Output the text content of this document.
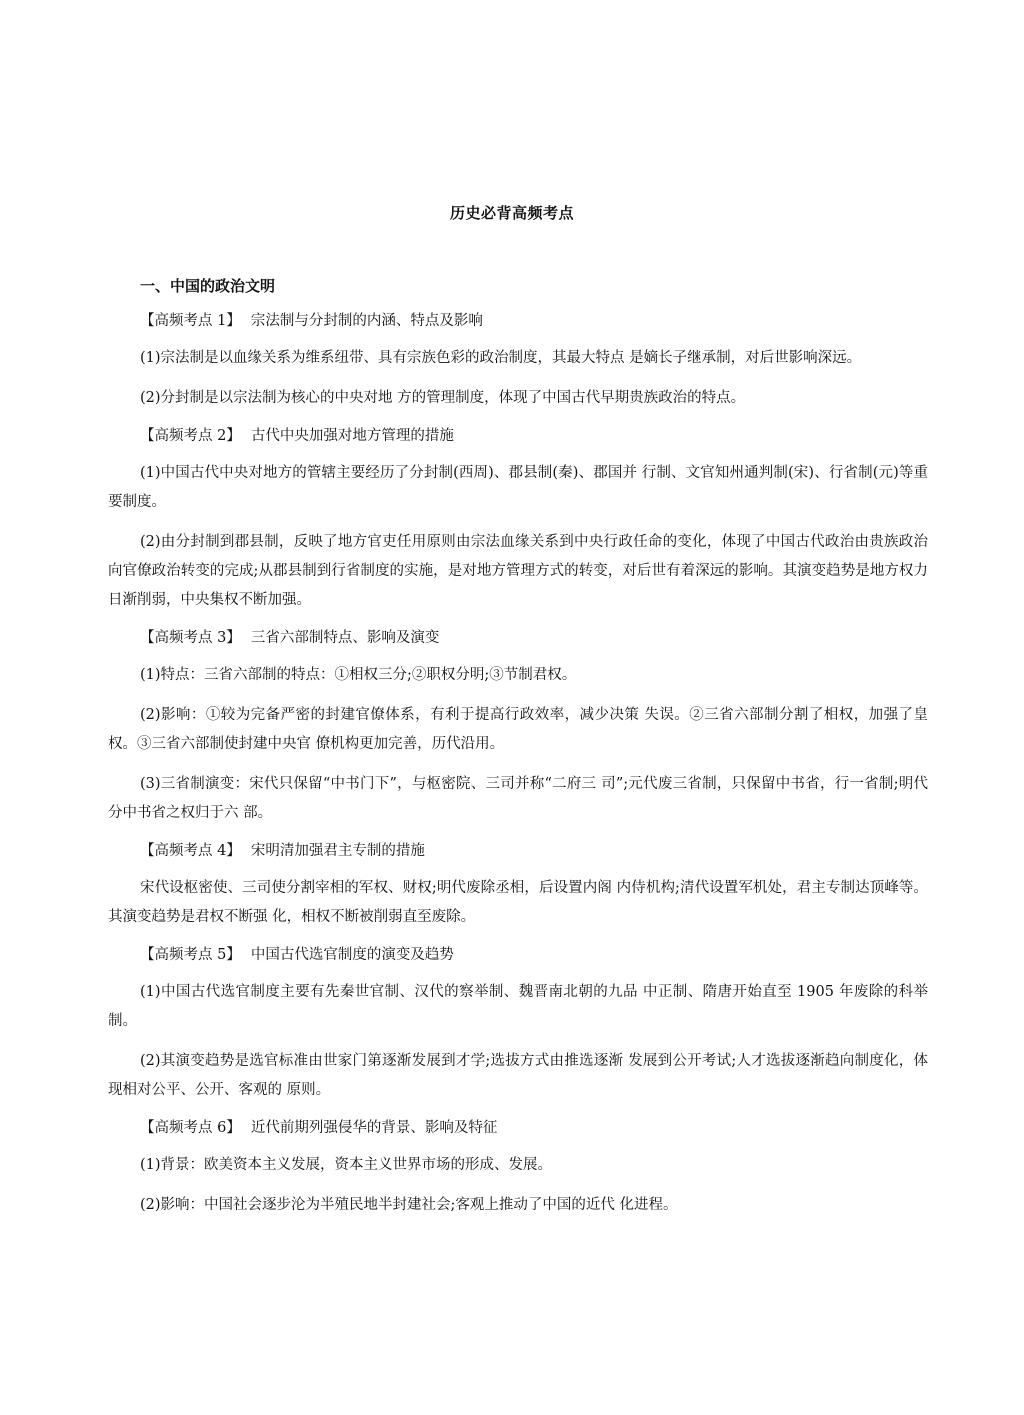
历史必背高频考点
一、中国的政治文明

【高频考点 1】 宗法制与分封制的内涵、特点及影响

(1)宗法制是以血缘关系为维系纽带、具有宗族色彩的政治制度，其最大特点 是嫡长子继承制，对后世影响深远。

(2)分封制是以宗法制为核心的中央对地 方的管理制度，体现了中国古代早期贵族政治的特点。

【高频考点 2】 古代中央加强对地方管理的措施

(1)中国古代中央对地方的管辖主要经历了分封制(西周)、郡县制(秦)、郡国并 行制、文官知州通判制(宋)、行省制(元)等重要制度。

(2)由分封制到郡县制，反映了地方官吏任用原则由宗法血缘关系到中央行政任命的变化，体现了中国古代政治由贵族政治向官僚政治转变的完成;从郡县制到行省制度的实施，是对地方管理方式的转变，对后世有着深远的影响。其演变趋势是地方权力日渐削弱，中央集权不断加强。

【高频考点 3】 三省六部制特点、影响及演变

(1)特点：三省六部制的特点：①相权三分;②职权分明;③节制君权。

(2)影响：①较为完备严密的封建官僚体系，有利于提高行政效率，减少决策 失误。②三省六部制分割了相权，加强了皇权。③三省六部制使封建中央官 僚机构更加完善，历代沿用。

(3)三省制演变：宋代只保留“中书门下”，与枢密院、三司并称“二府三 司”;元代废三省制，只保留中书省，行一省制;明代分中书省之权归于六 部。

【高频考点 4】 宋明清加强君主专制的措施

宋代设枢密使、三司使分割宰相的军权、财权;明代废除丞相，后设置内阁 内侍机构;清代设置军机处，君主专制达顶峰等。其演变趋势是君权不断强 化，相权不断被削弱直至废除。

【高频考点 5】 中国古代选官制度的演变及趋势

(1)中国古代选官制度主要有先秦世官制、汉代的察举制、魏晋南北朝的九品 中正制、隋唐开始直至 1905 年废除的科举制。

(2)其演变趋势是选官标准由世家门第逐渐发展到才学;选拔方式由推选逐渐 发展到公开考试;人才选拔逐渐趋向制度化，体现相对公平、公开、客观的 原则。

【高频考点 6】 近代前期列强侵华的背景、影响及特征

(1)背景：欧美资本主义发展，资本主义世界市场的形成、发展。

(2)影响：中国社会逐步沦为半殖民地半封建社会;客观上推动了中国的近代 化进程。
